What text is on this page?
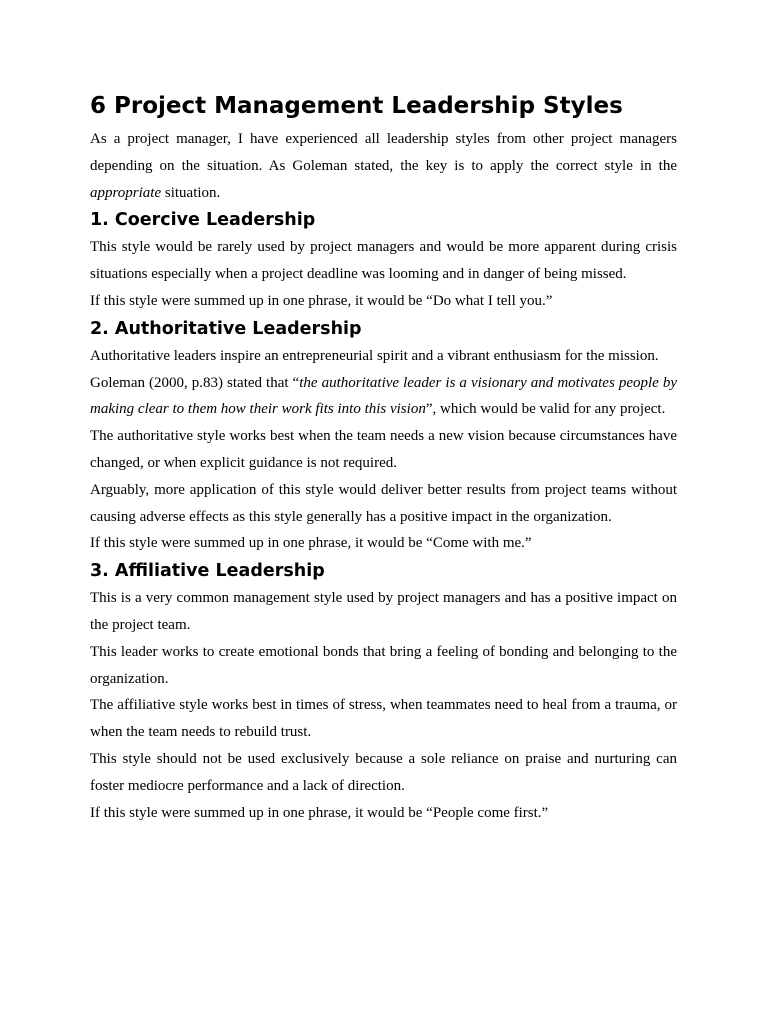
6 Project Management Leadership Styles

As a project manager, I have experienced all leadership styles from other project managers depending on the situation. As Goleman stated, the key is to apply the correct style in the appropriate situation.

1. Coercive Leadership

This style would be rarely used by project managers and would be more apparent during crisis situations especially when a project deadline was looming and in danger of being missed.

If this style were summed up in one phrase, it would be “Do what I tell you.”

2. Authoritative Leadership

Authoritative leaders inspire an entrepreneurial spirit and a vibrant enthusiasm for the mission.

Goleman (2000, p.83) stated that “the authoritative leader is a visionary and motivates people by making clear to them how their work fits into this vision”, which would be valid for any project.

The authoritative style works best when the team needs a new vision because circumstances have changed, or when explicit guidance is not required.

Arguably, more application of this style would deliver better results from project teams without causing adverse effects as this style generally has a positive impact in the organization.

If this style were summed up in one phrase, it would be “Come with me.”

3. Affiliative Leadership

This is a very common management style used by project managers and has a positive impact on the project team.

This leader works to create emotional bonds that bring a feeling of bonding and belonging to the organization.

The affiliative style works best in times of stress, when teammates need to heal from a trauma, or when the team needs to rebuild trust.

This style should not be used exclusively because a sole reliance on praise and nurturing can foster mediocre performance and a lack of direction.

If this style were summed up in one phrase, it would be “People come first.”
